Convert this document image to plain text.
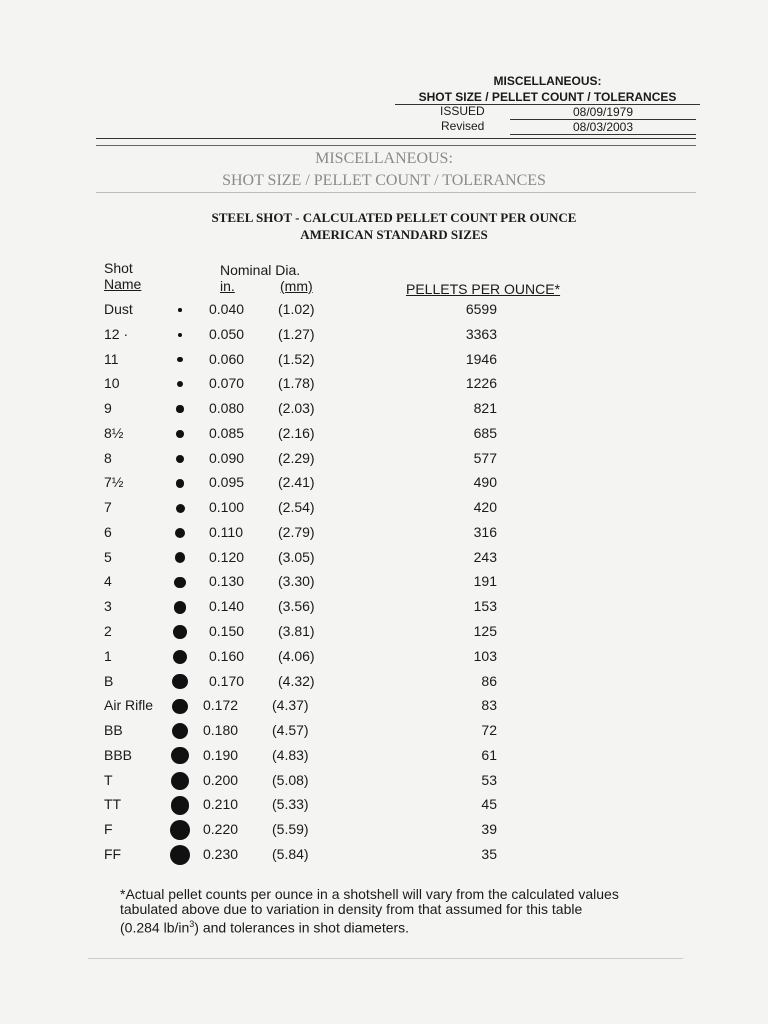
MISCELLANEOUS:
SHOT SIZE / PELLET COUNT / TOLERANCES
ISSUED	08/09/1979
Revised	08/03/2003
MISCELLANEOUS:
SHOT SIZE / PELLET COUNT / TOLERANCES
STEEL SHOT - CALCULATED PELLET COUNT PER OUNCE
AMERICAN STANDARD SIZES
Shot
Name
Nominal Dia.
in.	(mm)	PELLETS PER OUNCE*
Dust	0.040 (1.02)	6599
12 ·	0.050 (1.27)	3363
11	0.060 (1.52)	1946
10	0.070 (1.78)	1226
9	0.080 (2.03)	821
8½	0.085 (2.16)	685
8	0.090 (2.29)	577
7½	0.095 (2.41)	490
7	0.100 (2.54)	420
6	0.110	(2.79)	316
5	0.120 (3.05)	243
4	0.130 (3.30)	191
3	0.140 (3.56)	153
2	0.150 (3.81)	125
1	0.160 (4.06)	103
B	0.170 (4.32)	86
Air Rifle	0.172 (4.37)	83
BB	0.180 (4.57)	72
BBB	0.190 (4.83)	61
T	0.200 (5.08)	53
TT	0.210 (5.33)	45
F	0.220 (5.59)	39
FF	0.230 (5.84)	35
*Actual pellet counts per ounce in a shotshell will vary from the calculated values
tabulated above due to variation in density from that assumed for this table
(0.284 $lb/in^3$) and tolerances in shot diameters.
